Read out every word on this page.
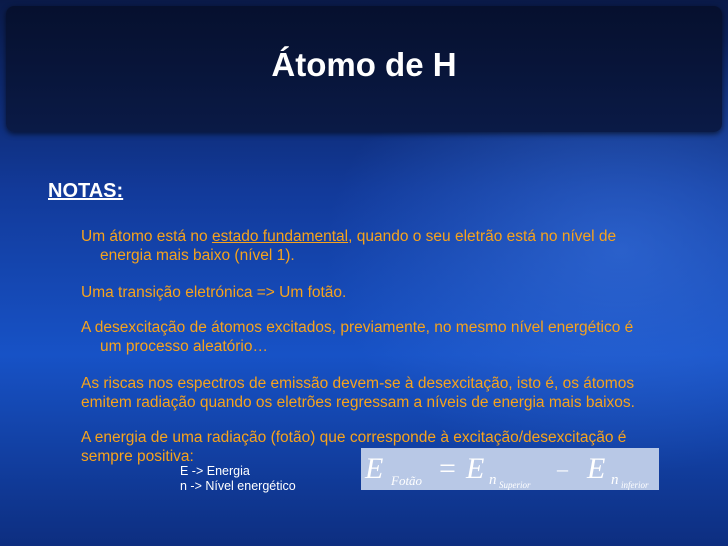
Átomo de H
NOTAS:
Um átomo está no estado fundamental, quando o seu eletrão está no nível de
energia mais baixo (nível 1).
Uma transição eletrónica => Um fotão.
A desexcitação de átomos excitados, previamente, no mesmo nível energético é
um processo aleatório…
As riscas nos espectros de emissão devem-se à desexcitação, isto é, os átomos
emitem radiação quando os eletrões regressam a níveis de energia mais baixos.
A energia de uma radiação (fotão) que corresponde à excitação/desexcitação é
sempre positiva:
E -> Energia
n -> Nível energético
E Fotão = E n Superior
– E n inferior
